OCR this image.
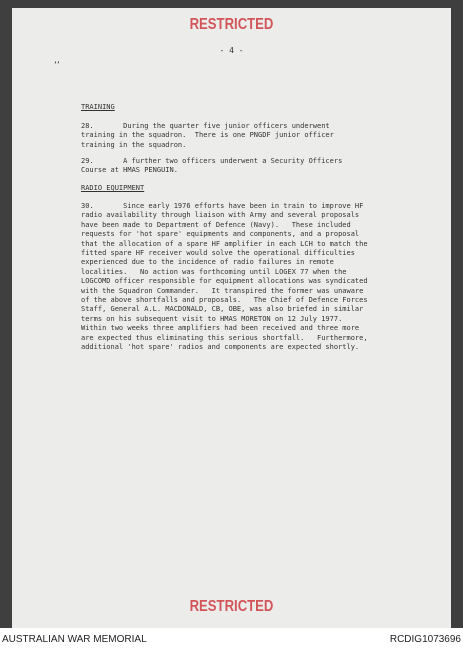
RESTRICTED
- 4 -
ʼ’
TRAINING
28.       During the quarter five junior officers underwent
training in the squadron.  There is one PNGDF junior officer
training in the squadron.
29.       A further two officers underwent a Security Officers
Course at HMAS PENGUIN.
RADIO EQUIPMENT
30.       Since early 1976 efforts have been in train to improve HF
radio availability through liaison with Army and several proposals
have been made to Department of Defence (Navy).   These included
requests for 'hot spare' equipments and components, and a proposal
that the allocation of a spare HF amplifier in each LCH to match the
fitted spare HF receiver would solve the operational difficulties
experienced due to the incidence of radio failures in remote
localities.   No action was forthcoming until LOGEX 77 when the
LOGCOMD officer responsible for equipment allocations was syndicated
with the Squadron Commander.   It transpired the former was unaware
of the above shortfalls and proposals.   The Chief of Defence Forces
Staff, General A.L. MACDONALD, CB, OBE, was also briefed in similar
terms on his subsequent visit to HMAS MORETON on 12 July 1977.
Within two weeks three amplifiers had been received and three more
are expected thus eliminating this serious shortfall.   Furthermore,
additional 'hot spare' radios and components are expected shortly.
RESTRICTED
AUSTRALIAN WAR MEMORIAL	RCDIG1073696
